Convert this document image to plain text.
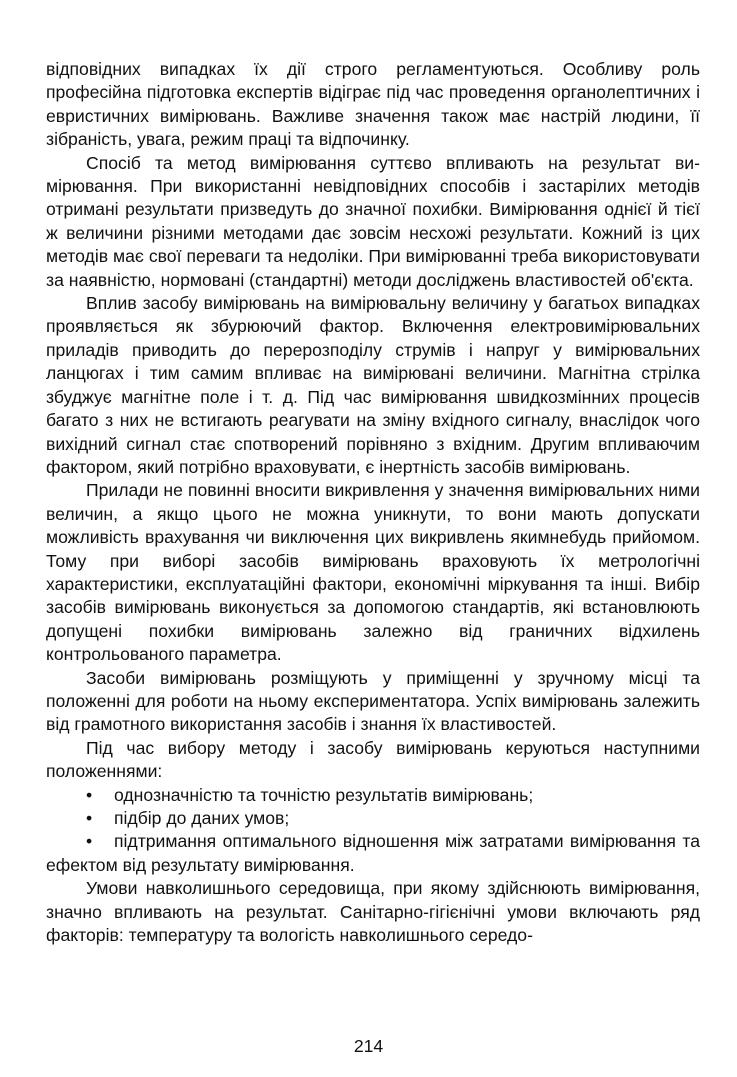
відповідних випадках їх дії строго регламентуються. Особливу роль професійна підготовка експертів відіграє під час проведення органолептичних і евристичних вимірювань. Важливе значення також має настрій людини, її зібраність, увага, режим праці та відпочинку.

Спосіб та метод вимірювання суттєво впливають на результат вимірювання. При використанні невідповідних способів і застарілих методів отримані результати призведуть до значної похибки. Вимірювання однієї й тієї ж величини різними методами дає зовсім несхожі результати. Кожний із цих методів має свої переваги та недоліки. При вимірюванні треба використовувати за наявністю, нормовані (стандартні) методи досліджень властивостей об'єкта.

Вплив засобу вимірювань на вимірювальну величину у багатьох випадках проявляється як збурюючий фактор. Включення електровимірювальних приладів приводить до перерозподілу струмів і напруг у вимірювальних ланцюгах і тим самим впливає на вимірювані величини. Магнітна стрілка збуджує магнітне поле і т. д. Під час вимірювання швидкозмінних процесів багато з них не встигають реагувати на зміну вхідного сигналу, внаслідок чого вихідний сигнал стає спотворений порівняно з вхідним. Другим впливаючим фактором, який потрібно враховувати, є інертність засобів вимірювань.

Прилади не повинні вносити викривлення у значення вимірювальних ними величин, а якщо цього не можна уникнути, то вони мають допускати можливість врахування чи виключення цих викривлень якимнебудь прийомом. Тому при виборі засобів вимірювань враховують їх метрологічні характеристики, експлуатаційні фактори, економічні міркування та інші. Вибір засобів вимірювань виконується за допомогою стандартів, які встановлюють допущені похибки вимірювань залежно від граничних відхилень контрольованого параметра.

Засоби вимірювань розміщують у приміщенні у зручному місці та положенні для роботи на ньому експериментатора. Успіх вимірювань залежить від грамотного використання засобів і знання їх властивостей.

Під час вибору методу і засобу вимірювань керуються наступними положеннями:

•	однозначністю та точністю результатів вимірювань;
•	підбір до даних умов;
• підтримання оптимального відношення між затратами вимірювання та ефектом від результату вимірювання.

Умови навколишнього середовища, при якому здійснюють вимірювання, значно впливають на результат. Санітарно-гігієнічні умови включають ряд факторів: температуру та вологість навколишнього середо-

214
